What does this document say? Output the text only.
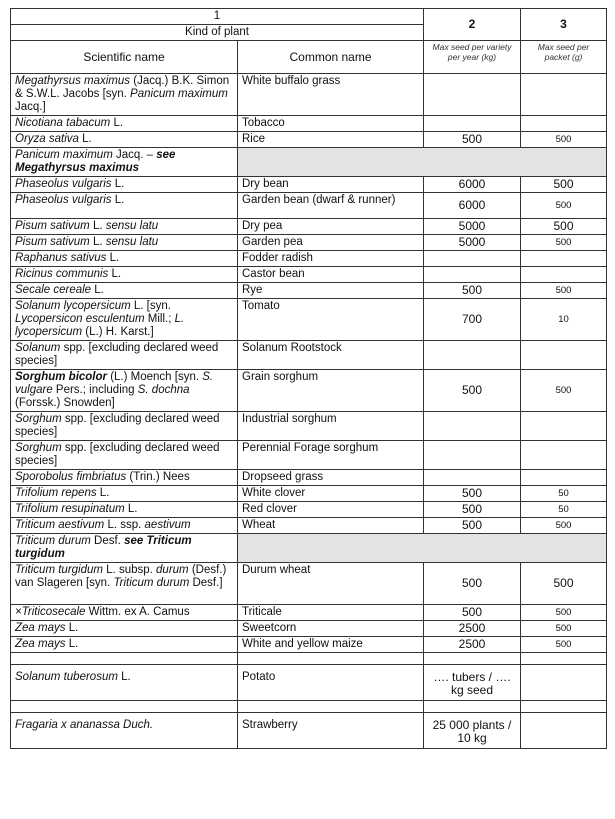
1		2	3
Kind of plant			
Scientific name	Common name	Max seed per variety per year (kg)	Max seed per packet (g)
Megathyrsus maximus (Jacq.) B.K. Simon & S.W.L. Jacobs [syn. Panicum maximum Jacq.]	White buffalo grass		
Nicotiana tabacum L.	Tobacco		
Oryza sativa L.	Rice	500	500
Panicum maximum Jacq. – see Megathyrsus maximus			
Phaseolus vulgaris L.	Dry bean	6000	500
Phaseolus vulgaris L.	Garden bean (dwarf & runner)	6000	500
Pisum sativum L. sensu latu	Dry pea	5000	500
Pisum sativum L. sensu latu	Garden pea	5000	500
Raphanus sativus L.	Fodder radish		
Ricinus communis L.	Castor bean		
Secale cereale L.	Rye	500	500
Solanum lycopersicum L. [syn. Lycopersicon esculentum Mill.; L. lycopersicum (L.) H. Karst.]	Tomato	700	10
Solanum spp. [excluding declared weed species]	Solanum Rootstock		
Sorghum bicolor (L.) Moench [syn. S. vulgare Pers.; including S. dochna (Forssk.) Snowden]	Grain sorghum	500	500
Sorghum spp. [excluding declared weed species]	Industrial sorghum		
Sorghum spp. [excluding declared weed species]	Perennial Forage sorghum		
Sporobolus fimbriatus (Trin.) Nees	Dropseed grass		
Trifolium repens L.	White clover	500	50
Trifolium resupinatum L.	Red clover	500	50
Triticum aestivum L. ssp. aestivum	Wheat	500	500
Triticum durum Desf. see Triticum turgidum			
Triticum turgidum L. subsp. durum (Desf.) van Slageren [syn. Triticum durum Desf.]	Durum wheat	500	500
×Triticosecale Wittm. ex A. Camus	Triticale	500	500
Zea mays L.	Sweetcorn	2500	500
Zea mays L.	White and yellow maize	2500	500

Solanum tuberosum L.	Potato	…. tubers / …. kg seed	

Fragaria x ananassa Duch.	Strawberry	25 000 plants / 10 kg	
